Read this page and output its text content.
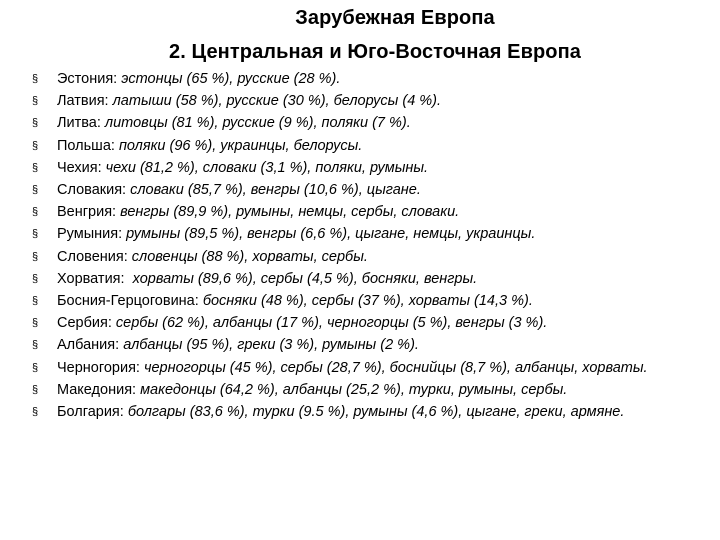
Зарубежная Европа
2. Центральная и Юго-Восточная Европа
§	Эстония: эстонцы (65 %), русские (28 %).
§	Латвия: латыши (58 %), русские (30 %), белорусы (4 %).
§	Литва: литовцы (81 %), русские (9 %), поляки (7 %).
§	Польша: поляки (96 %), украинцы, белорусы.
§	Чехия: чехи (81,2 %), словаки (3,1 %), поляки, румыны.
§	Словакия: словаки (85,7 %), венгры (10,6 %), цыгане.
§	Венгрия: венгры (89,9 %), румыны, немцы, сербы, словаки.
§	Румыния: румыны (89,5 %), венгры (6,6 %), цыгане, немцы, украинцы.
§	Словения: словенцы (88 %), хорваты, сербы.
§	Хорватия:  хорваты (89,6 %), сербы (4,5 %), босняки, венгры.
§	Босния-Герцоговина: босняки (48 %), сербы (37 %), хорваты (14,3 %).
§	Сербия: сербы (62 %), албанцы (17 %), черногорцы (5 %), венгры (3 %).
§	Албания: албанцы (95 %), греки (3 %), румыны (2 %).
§	Черногория: черногорцы (45 %), сербы (28,7 %), боснийцы (8,7 %), албанцы, хорваты.
§	Македония: македонцы (64,2 %), албанцы (25,2 %), турки, румыны, сербы.
§	Болгария: болгары (83,6 %), турки (9.5 %), румыны (4,6 %), цыгане, греки, армяне.
